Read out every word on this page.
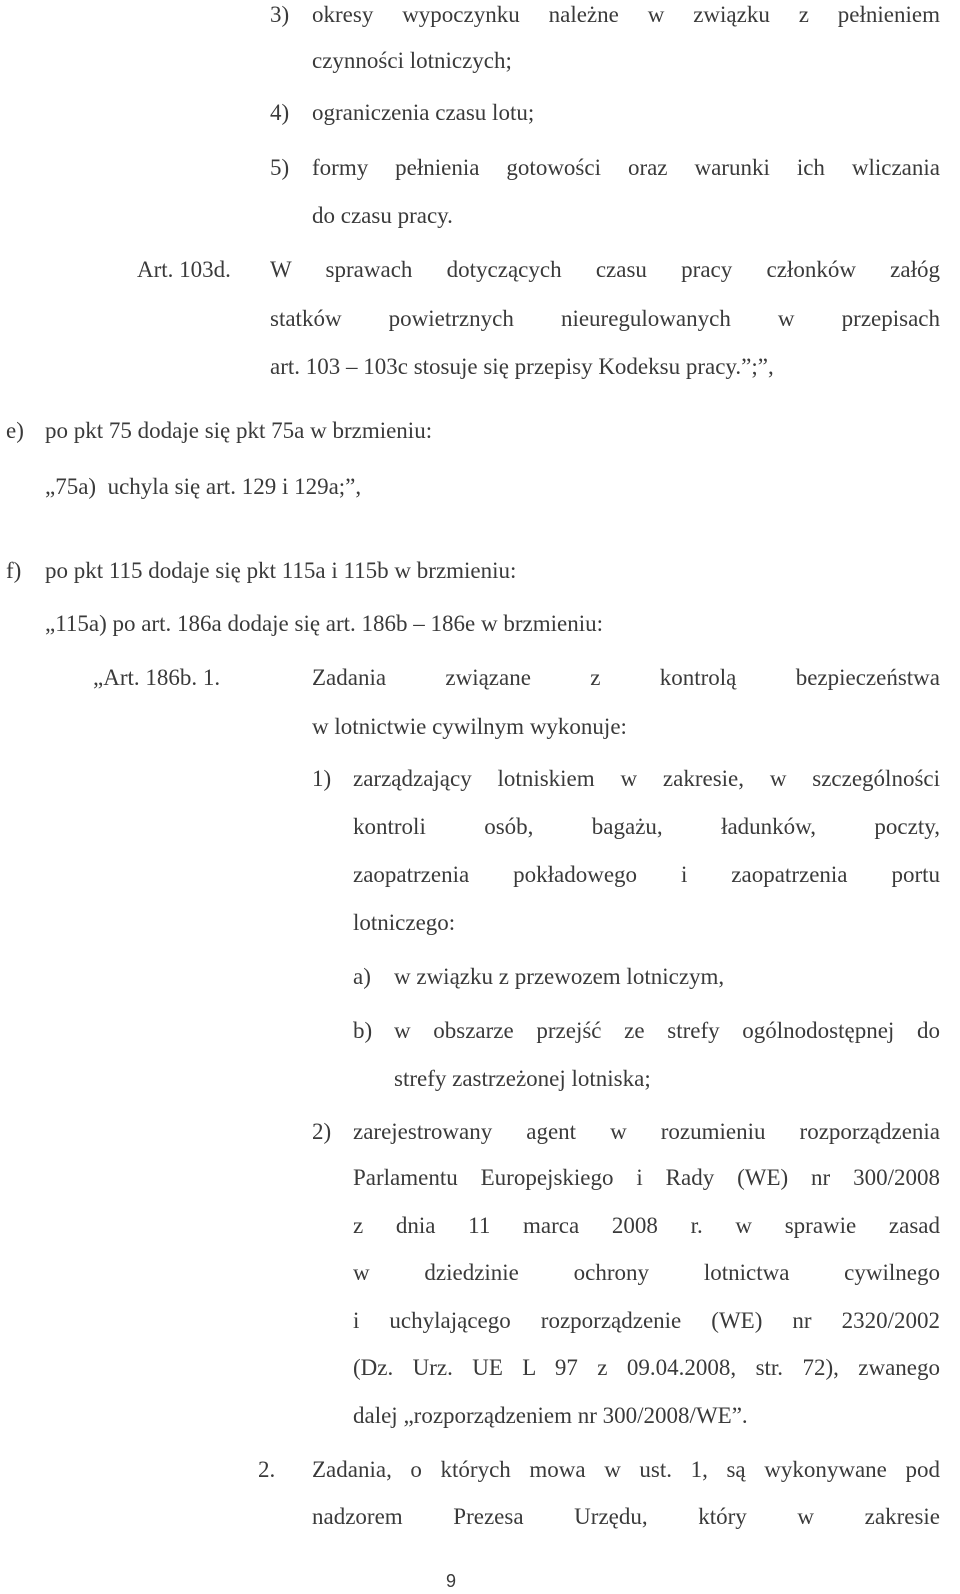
3) okresy wypoczynku należne w związku z pełnieniem
czynności lotniczych;
4) ograniczenia czasu lotu;
5) formy pełnienia gotowości oraz warunki ich wliczania
do czasu pracy.
Art. 103d. W sprawach dotyczących czasu pracy członków załóg
statków powietrznych nieuregulowanych w przepisach
art. 103 – 103c stosuje się przepisy Kodeksu pracy.”;”,
e) po pkt 75 dodaje się pkt 75a w brzmieniu:
„75a)  uchyla się art. 129 i 129a;”,
f) po pkt 115 dodaje się pkt 115a i 115b w brzmieniu:
„115a) po art. 186a dodaje się art. 186b – 186e w brzmieniu:
„Art. 186b. 1.	Zadania związane z kontrolą bezpieczeństwa
w lotnictwie cywilnym wykonuje:
1) zarządzający lotniskiem w zakresie, w szczególności
kontroli osób, bagażu, ładunków, poczty,
zaopatrzenia pokładowego i zaopatrzenia portu
lotniczego:
a) w związku z przewozem lotniczym,
b) w obszarze przejść ze strefy ogólnodostępnej do
strefy zastrzeżonej lotniska;
2) zarejestrowany agent w rozumieniu rozporządzenia
Parlamentu Europejskiego i Rady (WE) nr 300/2008
z dnia 11 marca 2008 r. w sprawie zasad
w dziedzinie ochrony lotnictwa cywilnego
i uchylającego rozporządzenie (WE) nr 2320/2002
(Dz. Urz. UE L 97 z 09.04.2008, str. 72), zwanego
dalej „rozporządzeniem nr 300/2008/WE”.
2. Zadania, o których mowa w ust. 1, są wykonywane pod
nadzorem Prezesa Urzędu, który w zakresie
9
